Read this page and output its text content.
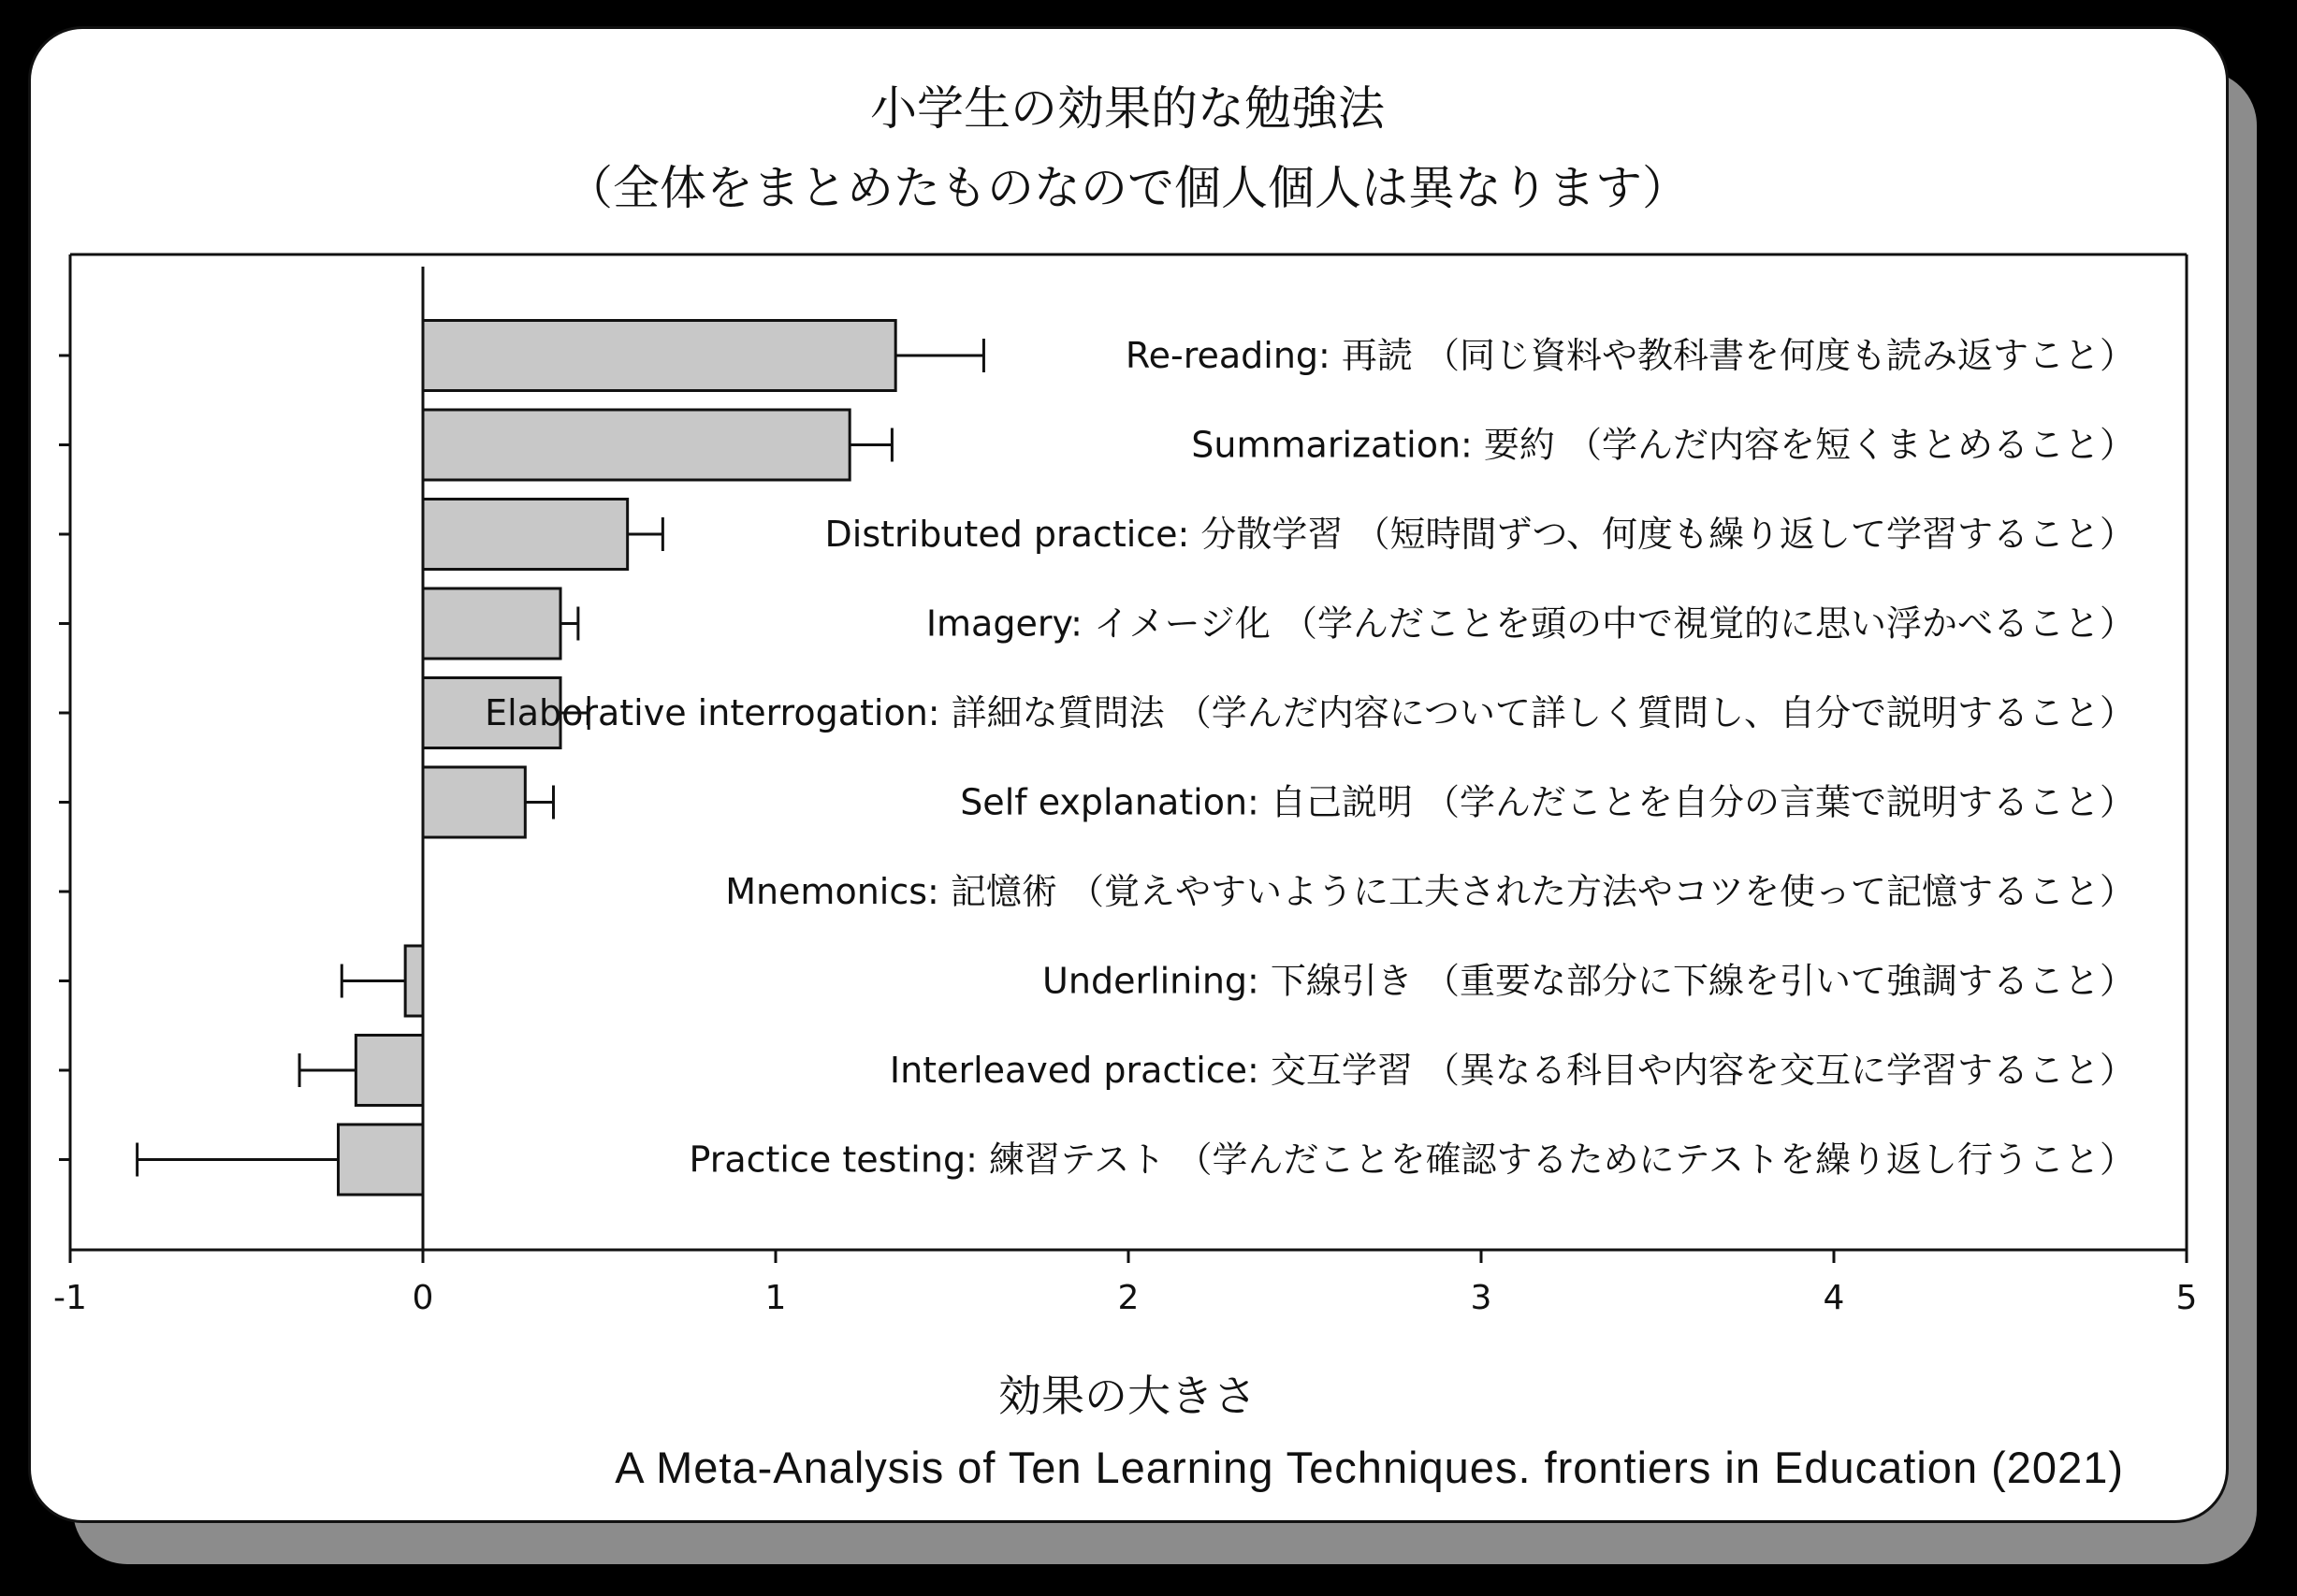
小学生の効果的な勉強法
（全体をまとめたものなので個人個人は異なります）
-1	0	1	2	3	4	5
Re-reading: 再読 （同じ資料や教科書を何度も読み返すこと）
Summarization: 要約 （学んだ内容を短くまとめること）
Distributed practice: 分散学習 （短時間ずつ、何度も繰り返して学習すること）
Imagery: イメージ化 （学んだことを頭の中で視覚的に思い浮かべること）
Elaborative interrogation: 詳細な質問法 （学んだ内容について詳しく質問し、自分で説明すること）
Self explanation: 自己説明 （学んだことを自分の言葉で説明すること）
Mnemonics: 記憶術 （覚えやすいように工夫された方法やコツを使って記憶すること）
Underlining: 下線引き （重要な部分に下線を引いて強調すること）
Interleaved practice: 交互学習 （異なる科目や内容を交互に学習すること）
Practice testing: 練習テスト （学んだことを確認するためにテストを繰り返し行うこと）
効果の大きさ
A Meta-Analysis of Ten Learning Techniques. frontiers in Education (2021)
